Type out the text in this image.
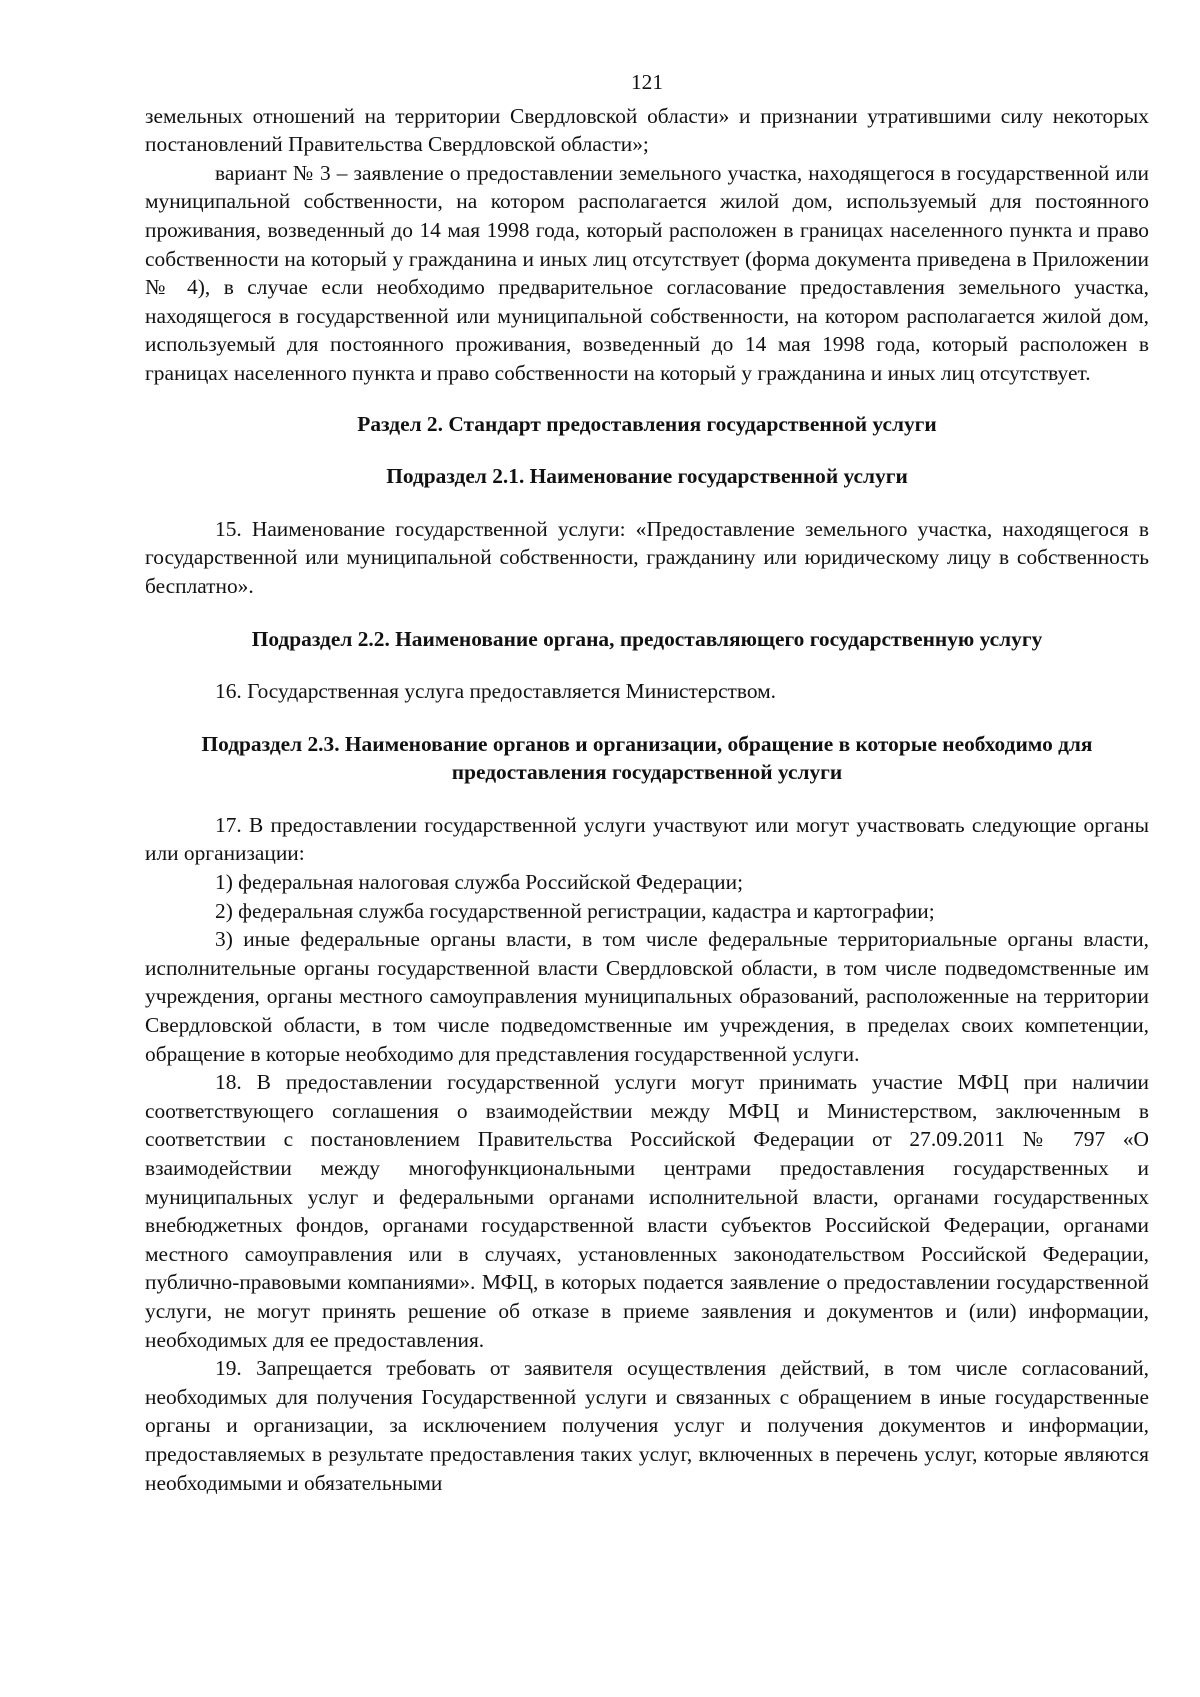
121

земельных отношений на территории Свердловской области» и признании утратившими силу некоторых постановлений Правительства Свердловской области»;

вариант № 3 – заявление о предоставлении земельного участка, находящегося в государственной или муниципальной собственности, на котором располагается жилой дом, используемый для постоянного проживания, возведенный до 14 мая 1998 года, который расположен в границах населенного пункта и право собственности на который у гражданина и иных лиц отсутствует (форма документа приведена в Приложении № 4), в случае если необходимо предварительное согласование предоставления земельного участка, находящегося в государственной или муниципальной собственности, на котором располагается жилой дом, используемый для постоянного проживания, возведенный до 14 мая 1998 года, который расположен в границах населенного пункта и право собственности на который у гражданина и иных лиц отсутствует.

Раздел 2. Стандарт предоставления государственной услуги
Подраздел 2.1. Наименование государственной услуги

15. Наименование государственной услуги: «Предоставление земельного участка, находящегося в государственной или муниципальной собственности, гражданину или юридическому лицу в собственность бесплатно».

Подраздел 2.2. Наименование органа, предоставляющего государственную услугу

16. Государственная услуга предоставляется Министерством.

Подраздел 2.3. Наименование органов и организации, обращение в которые необходимо для предоставления государственной услуги

17. В предоставлении государственной услуги участвуют или могут участвовать следующие органы или организации:

1) федеральная налоговая служба Российской Федерации;

2) федеральная служба государственной регистрации, кадастра и картографии;

3) иные федеральные органы власти, в том числе федеральные территориальные органы власти, исполнительные органы государственной власти Свердловской области, в том числе подведомственные им учреждения, органы местного самоуправления муниципальных образований, расположенные на территории Свердловской области, в том числе подведомственные им учреждения, в пределах своих компетенции, обращение в которые необходимо для представления государственной услуги.

18. В предоставлении государственной услуги могут принимать участие МФЦ при наличии соответствующего соглашения о взаимодействии между МФЦ и Министерством, заключенным в соответствии с постановлением Правительства Российской Федерации от 27.09.2011 № 797 «О взаимодействии между многофункциональными центрами предоставления государственных и муниципальных услуг и федеральными органами исполнительной власти, органами государственных внебюджетных фондов, органами государственной власти субъектов Российской Федерации, органами местного самоуправления или в случаях, установленных законодательством Российской Федерации, публично-правовыми компаниями». МФЦ, в которых подается заявление о предоставлении государственной услуги, не могут принять решение об отказе в приеме заявления и документов и (или) информации, необходимых для ее предоставления.

19. Запрещается требовать от заявителя осуществления действий, в том числе согласований, необходимых для получения Государственной услуги и связанных с обращением в иные государственные органы и организации, за исключением получения услуг и получения документов и информации, предоставляемых в результате предоставления таких услуг, включенных в перечень услуг, которые являются необходимыми и обязательными
